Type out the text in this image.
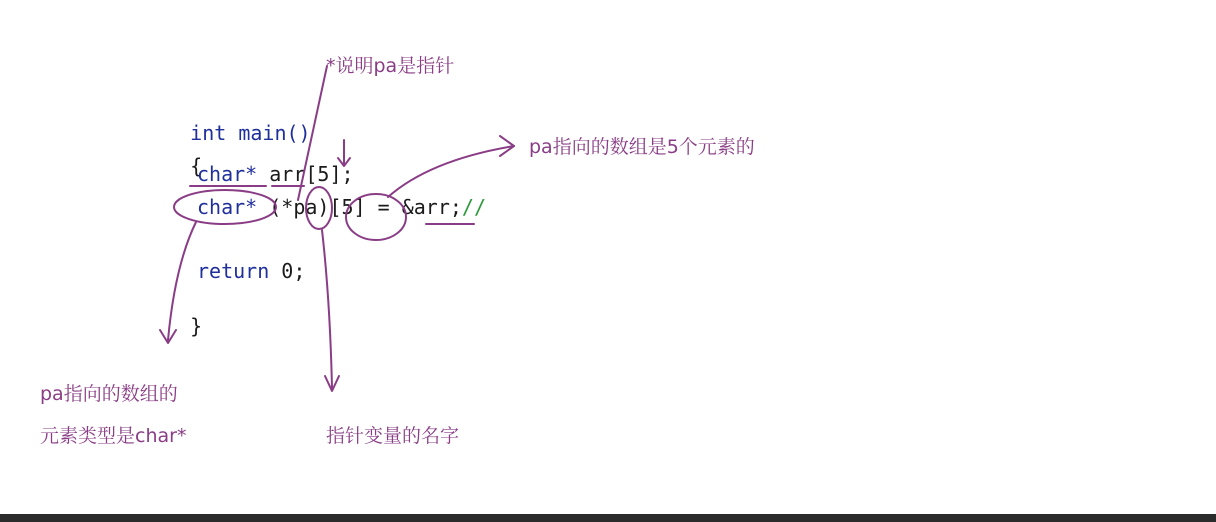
int main()

{

char* arr[5];
char* (*pa)[5] = &arr;//
return 0;

}

*说明pa是指针
pa指向的数组是5个元素的
pa指向的数组的
元素类型是char*	指针变量的名字
